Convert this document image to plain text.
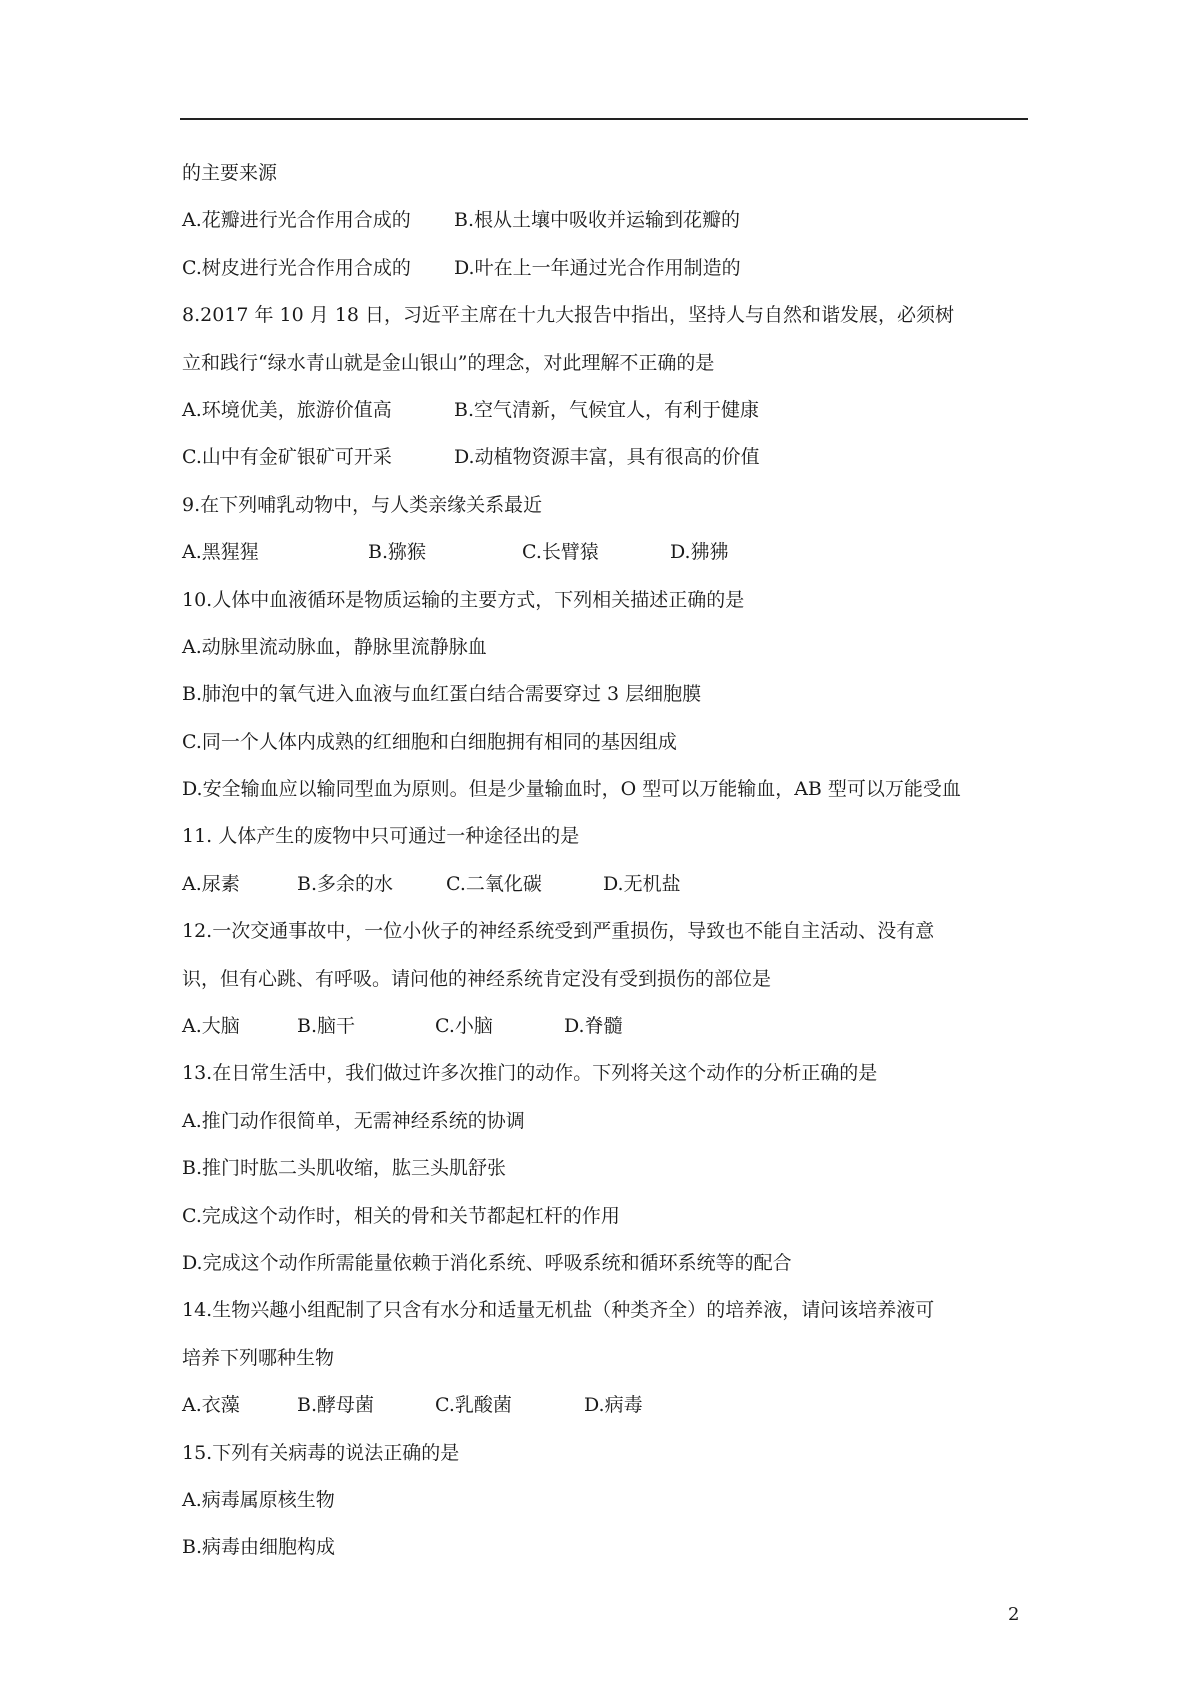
的主要来源
A.花瓣进行光合作用合成的	B.根从土壤中吸收并运输到花瓣的
C.树皮进行光合作用合成的	D.叶在上一年通过光合作用制造的
8.2017 年 10 月 18 日，习近平主席在十九大报告中指出，坚持人与自然和谐发展，必须树
立和践行“绿水青山就是金山银山”的理念，对此理解不正确的是
A.环境优美，旅游价值高	B.空气清新，气候宜人，有利于健康
C.山中有金矿银矿可开采	D.动植物资源丰富，具有很高的价值
9.在下列哺乳动物中，与人类亲缘关系最近
A.黑猩猩	B.猕猴	C.长臂猿	D.狒狒
10.人体中血液循环是物质运输的主要方式，下列相关描述正确的是
A.动脉里流动脉血，静脉里流静脉血
B.肺泡中的氧气进入血液与血红蛋白结合需要穿过 3 层细胞膜
C.同一个人体内成熟的红细胞和白细胞拥有相同的基因组成
D.安全输血应以输同型血为原则。但是少量输血时，O 型可以万能输血，AB 型可以万能受血
11. 人体产生的废物中只可通过一种途径出的是
A.尿素	B.多余的水	C.二氧化碳	D.无机盐
12.一次交通事故中，一位小伙子的神经系统受到严重损伤，导致也不能自主活动、没有意
识，但有心跳、有呼吸。请问他的神经系统肯定没有受到损伤的部位是
A.大脑	B.脑干	C.小脑	D.脊髓
13.在日常生活中，我们做过许多次推门的动作。下列将关这个动作的分析正确的是
A.推门动作很简单，无需神经系统的协调
B.推门时肱二头肌收缩，肱三头肌舒张
C.完成这个动作时，相关的骨和关节都起杠杆的作用
D.完成这个动作所需能量依赖于消化系统、呼吸系统和循环系统等的配合
14.生物兴趣小组配制了只含有水分和适量无机盐（种类齐全）的培养液，请问该培养液可
培养下列哪种生物
A.衣藻	B.酵母菌	C.乳酸菌	D.病毒
15.下列有关病毒的说法正确的是
A.病毒属原核生物
B.病毒由细胞构成
2
